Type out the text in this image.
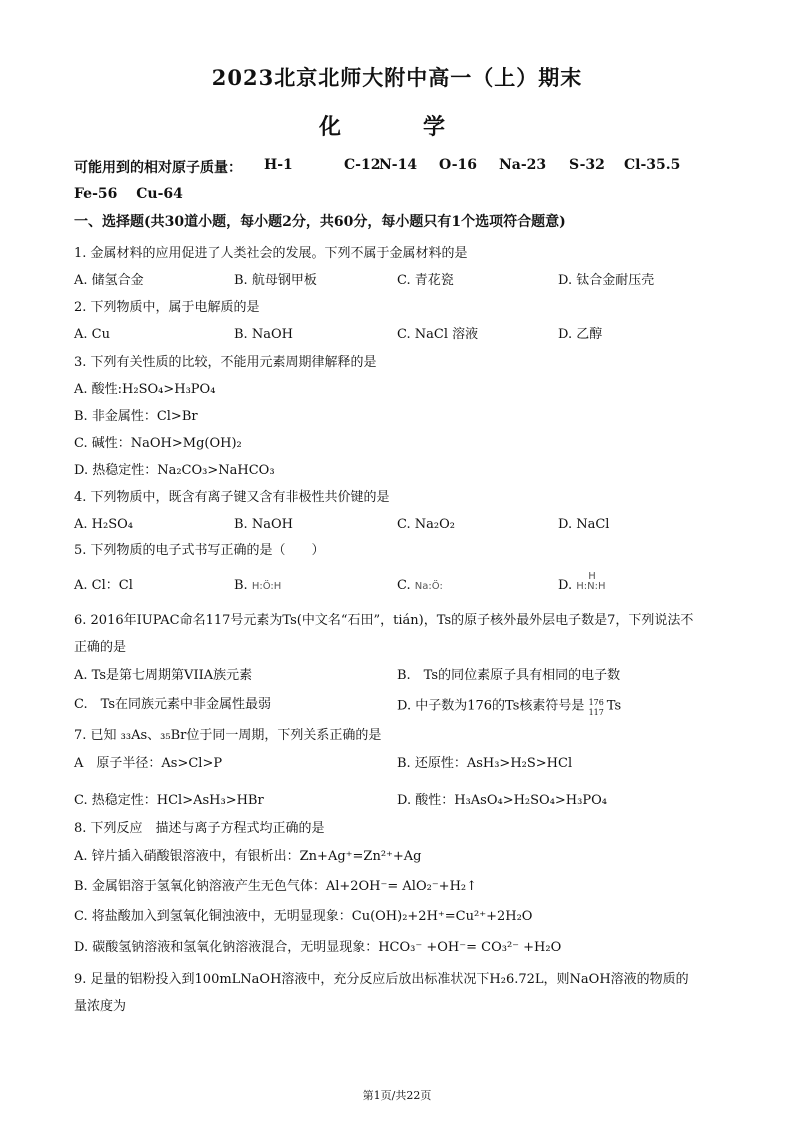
2023北京北师大附中高一（上）期末
化　学
可能用到的相对原子质量： H-1	C-12
N-14 O-16 Na-23 S-32 Cl-35.5
Fe-56　 Cu-64
一、选择题(共30道小题，每小题2分，共60分，每小题只有1个选项符合题意)
1. 金属材料的应用促进了人类社会的发展。下列不属于金属材料的是
A. 储氢合金	B. 航母钢甲板	C. 青花瓷	D. 钛合金耐压壳
2. 下列物质中，属于电解质的是
A. Cu	B. NaOH	C. NaCl 溶液	D. 乙醇
3. 下列有关性质的比较，不能用元素周期律解释的是
A. 酸性:H₂SO₄>H₃PO₄
B. 非金属性：Cl>Br
C. 碱性：NaOH>Mg(OH)₂
D. 热稳定性：Na₂CO₃>NaHCO₃
4. 下列物质中，既含有离子键又含有非极性共价键的是
A. H₂SO₄	B. NaOH	C. Na₂O₂	D. NaCl
5. 下列物质的电子式书写正确的是（　　）
A. Cl：Cl	B. H:Ö:H	C. Na:Ö:	D.
H
H:N:H
6. 2016年IUPAC命名117号元素为Ts(中文名“石田”，tián)，Ts的原子核外最外层电子数是7，下列说法不
正确的是
A. Ts是第七周期第VIIA族元素	B.　Ts的同位素原子具有相同的电子数
C.　Ts在同族元素中非金属性最弱	D. 中子数为176的Ts核素符号是 176
117 Ts
7. 已知 ₃₃As、₃₅Br位于同一周期，下列关系正确的是
A　原子半径：As>Cl>P	B. 还原性：AsH₃>H₂S>HCl
C. 热稳定性：HCl>AsH₃>HBr	D. 酸性：H₃AsO₄>H₂SO₄>H₃PO₄
8. 下列反应　描述与离子方程式均正确的是
A. 锌片插入硝酸银溶液中，有银析出：Zn+Ag⁺=Zn²⁺+Ag
B. 金属铝溶于氢氧化钠溶液产生无色气体：Al+2OH⁻= AlO₂⁻+H₂↑
C. 将盐酸加入到氢氧化铜浊液中，无明显现象：Cu(OH)₂+2H⁺=Cu²⁺+2H₂O
D. 碳酸氢钠溶液和氢氧化钠溶液混合，无明显现象：HCO₃⁻ +OH⁻= CO₃²⁻ +H₂O
9. 足量的铝粉投入到100mLNaOH溶液中，充分反应后放出标准状况下H₂6.72L，则NaOH溶液的物质的
量浓度为
第1页/共22页
